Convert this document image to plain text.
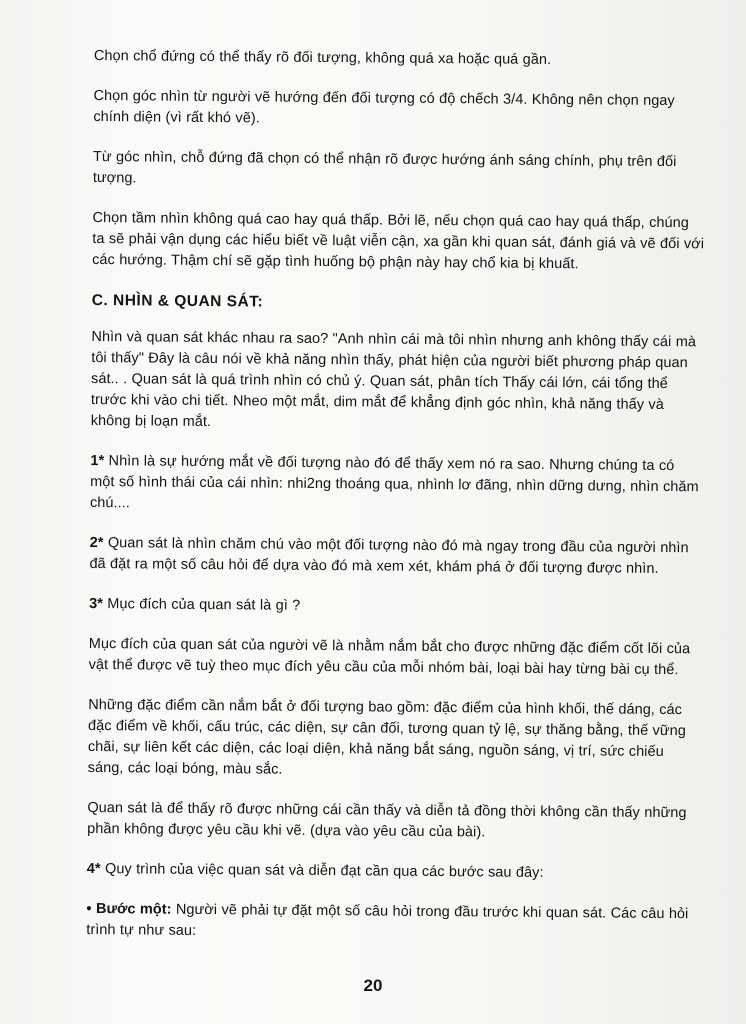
Chọn chổ đứng có thể thấy rõ đối tượng, không quá xa hoặc quá gần.

Chọn góc nhìn từ người vẽ hướng đến đối tượng có độ chếch 3/4. Không nên chọn ngay chính diện (vì rất khó vẽ).

Từ góc nhìn, chỗ đứng đã chọn có thể nhận rõ được hướng ánh sáng chính, phụ trên đối tượng.

Chọn tầm nhìn không quá cao hay quá thấp. Bởi lẽ, nếu chọn quá cao hay quá thấp, chúng ta sẽ phải vận dụng các hiểu biết về luật viễn cận, xa gần khi quan sát, đánh giá và vẽ đối với các hướng. Thậm chí sẽ gặp tình huống bộ phận này hay chổ kia bị khuất.

C. NHÌN & QUAN SÁT:

Nhìn và quan sát khác nhau ra sao? "Anh nhìn cái mà tôi nhìn nhưng anh không thấy cái mà tôi thấy" Đây là câu nói về khả năng nhìn thấy, phát hiện của người biết phương pháp quan sát.. . Quan sát là quá trình nhìn có chủ ý. Quan sát, phân tích Thấy cái lớn, cái tổng thể trước khi vào chi tiết. Nheo một mắt, dim mắt để khẳng định góc nhìn, khả năng thấy và không bị loạn mắt.

1* Nhìn là sự hướng mắt về đối tượng nào đó để thấy xem nó ra sao. Nhưng chúng ta có một số hình thái của cái nhìn: nhi2ng thoáng qua, nhình lơ đãng, nhìn dững dưng, nhìn chăm chú....

2* Quan sát là nhìn chăm chú vào một đối tượng nào đó mà ngay trong đầu của người nhìn đã đặt ra một số câu hỏi để dựa vào đó mà xem xét, khám phá ở đối tượng được nhìn.

3* Mục đích của quan sát là gì ?

Mục đích của quan sát của người vẽ là nhằm nắm bắt cho được những đặc điểm cốt lõi của vật thể được vẽ tuỳ theo mục đích yêu cầu của mỗi nhóm bài, loại bài hay từng bài cụ thể.

Những đặc điểm cần nắm bắt ở đối tượng bao gồm: đặc điểm của hình khối, thế dáng, các đặc điểm về khối, cấu trúc, các diện, sự cân đối, tương quan tỷ lệ, sự thăng bằng, thế vững chãi, sự liên kết các diện, các loại diện, khả năng bắt sáng, nguồn sáng, vị trí, sức chiếu sáng, các loại bóng, màu sắc.

Quan sát là để thấy rõ được những cái cần thấy và diễn tả đồng thời không cần thấy những phần không được yêu cầu khi vẽ. (dựa vào yêu cầu của bài).

4* Quy trình của việc quan sát và diễn đạt cần qua các bước sau đây:

• Bước một: Người vẽ phải tự đặt một số câu hỏi trong đầu trước khi quan sát. Các câu hỏi trình tự như sau:

20
